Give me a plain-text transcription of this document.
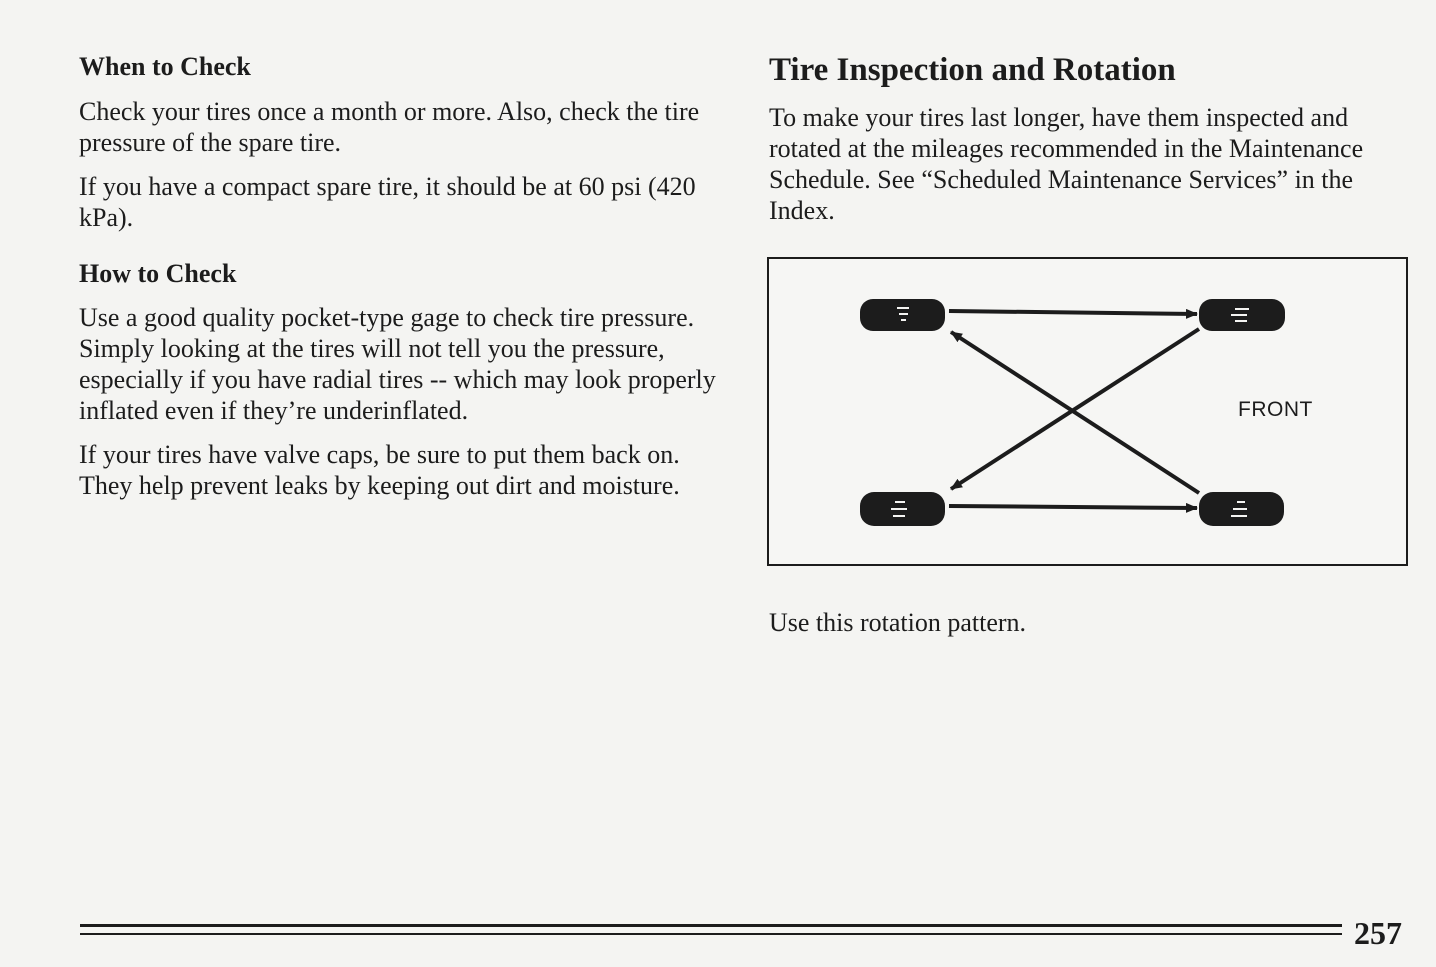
When to Check

Check your tires once a month or more. Also, check the tire pressure of the spare tire.

If you have a compact spare tire, it should be at 60 psi (420 kPa).

How to Check

Use a good quality pocket-type gage to check tire pressure. Simply looking at the tires will not tell you the pressure, especially if you have radial tires -- which may look properly inflated even if they’re underinflated.

If your tires have valve caps, be sure to put them back on. They help prevent leaks by keeping out dirt and moisture.

Tire Inspection and Rotation

To make your tires last longer, have them inspected and rotated at the mileages recommended in the Maintenance Schedule. See “Scheduled Maintenance Services” in the Index.

FRONT

Use this rotation pattern.

257
